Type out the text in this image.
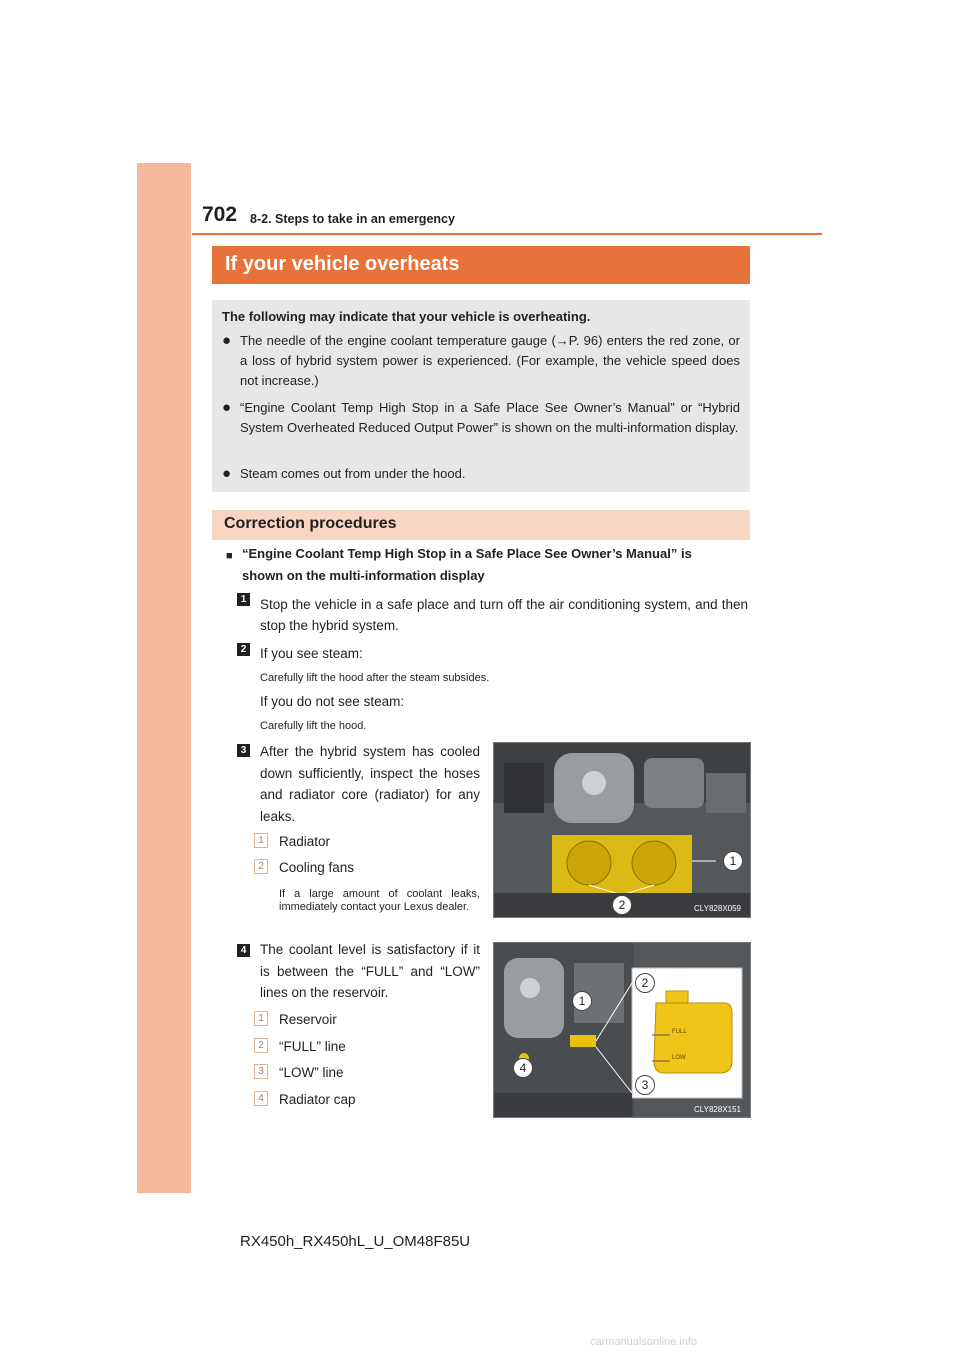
702 8-2. Steps to take in an emergency
If your vehicle overheats
The following may indicate that your vehicle is overheating.
● The needle of the engine coolant temperature gauge (→P. 96) enters the red zone, or a loss of hybrid system power is experienced. (For example, the vehicle speed does not increase.)
● “Engine Coolant Temp High Stop in a Safe Place See Owner’s Manual” or “Hybrid System Overheated Reduced Output Power” is shown on the multi-information display.
● Steam comes out from under the hood.
Correction procedures
■ “Engine Coolant Temp High Stop in a Safe Place See Owner’s Manual” is
shown on the multi-information display
1 Stop the vehicle in a safe place and turn off the air conditioning system, and then stop the hybrid system.
2 If you see steam:
Carefully lift the hood after the steam subsides.
If you do not see steam:
Carefully lift the hood.
3 After the hybrid system has cooled down sufficiently, inspect the hoses and radiator core (radiator) for any leaks.
1	Radiator
2	Cooling fans
If a large amount of coolant leaks, immediately contact your Lexus dealer.
1
2	CLY828X059
4 The coolant level is satisfactory if it is between the “FULL” and “LOW” lines on the reservoir.
1	Reservoir
2	“FULL” line
3	“LOW” line
4	Radiator cap
FULL
LOW
1
2
3
4
CLY828X151
RX450h_RX450hL_U_OM48F85U
carmanualsonline.info
